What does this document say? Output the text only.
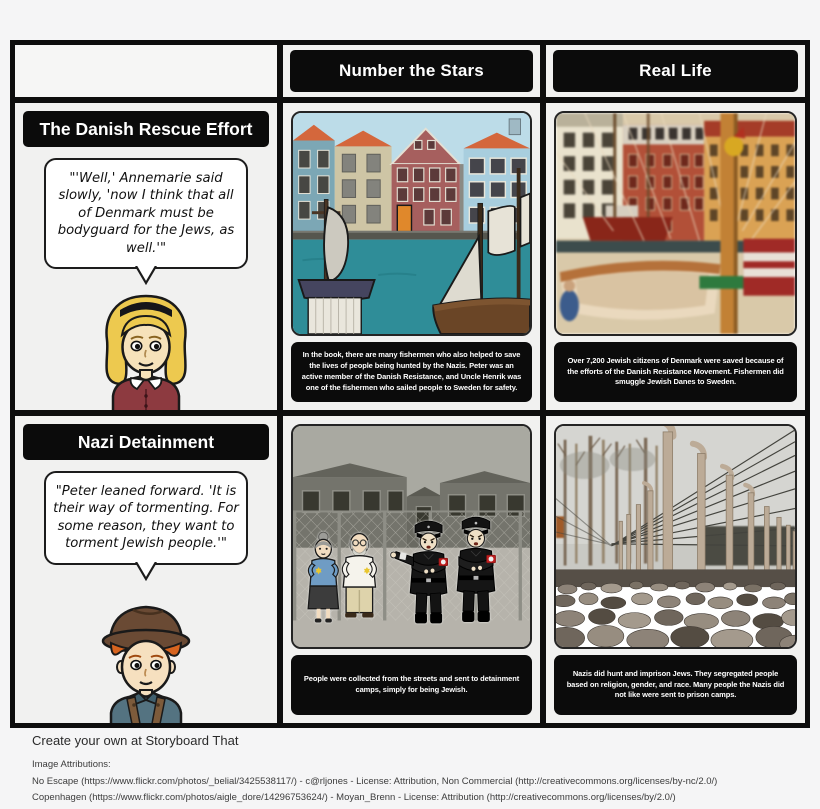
Number the Stars	Real Life
The Danish Rescue Effort
"'Well,' Annemarie said slowly, 'now I think that all of Denmark must be bodyguard for the Jews, as well.'"
In the book, there are many fishermen who also helped to save the lives of people being hunted by the Nazis. Peter was an active member of the Danish Resistance, and Uncle Henrik was one of the fishermen who sailed people to Sweden for safety.
Over 7,200 Jewish citizens of Denmark were saved because of the efforts of the Danish Resistance Movement. Fishermen did smuggle Jewish Danes to Sweden.
Nazi Detainment
"Peter leaned forward. 'It is their way of tormenting. For some reason, they want to torment Jewish people.'"
People were collected from the streets and sent to detainment camps, simply for being Jewish.
Nazis did hunt and imprison Jews. They segregated people based on religion, gender, and race. Many people the Nazis did not like were sent to prison camps.
Create your own at Storyboard That
Image Attributions:
No Escape (https://www.flickr.com/photos/_belial/3425538117/) - c@rljones - License: Attribution, Non Commercial (http://creativecommons.org/licenses/by-nc/2.0/)
Copenhagen (https://www.flickr.com/photos/aigle_dore/14296753624/) - Moyan_Brenn - License: Attribution (http://creativecommons.org/licenses/by/2.0/)
